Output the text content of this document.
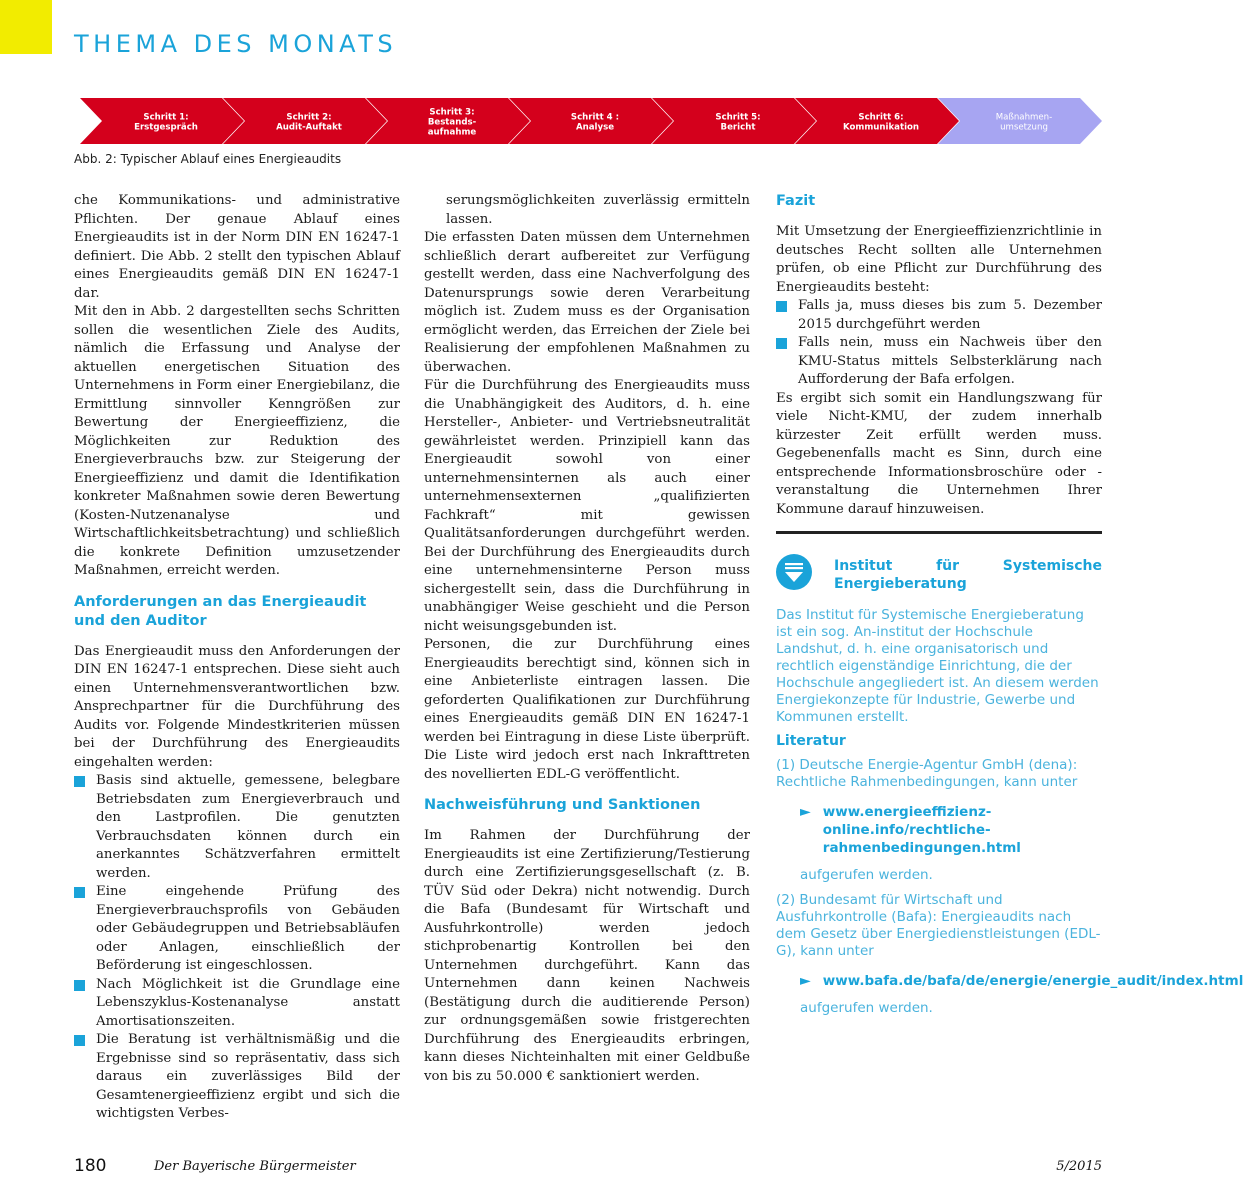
THEMA DES MONATS
Schritt 1:
Erstgespräch
Schritt 2:
Audit-Auftakt
Schritt 3:
Bestands-
aufnahme
Schritt 4 :
Analyse
Schritt 5:
Bericht
Schritt 6:
Kommunikation
Maßnahmen-
umsetzung
Abb. 2: Typischer Ablauf eines Energieaudits

che Kommunikations- und administrative Pflichten. Der genaue Ablauf eines Energieaudits ist in der Norm DIN EN 16247-1 definiert. Die Abb. 2 stellt den typischen Ablauf eines Energieaudits gemäß DIN EN 16247-1 dar.

Mit den in Abb. 2 dargestellten sechs Schritten sollen die wesentlichen Ziele des Audits, nämlich die Erfassung und Analyse der aktuellen energetischen Situation des Unternehmens in Form einer Energiebilanz, die Ermittlung sinnvoller Kenngrößen zur Bewertung der Energieeffizienz, die Möglichkeiten zur Reduktion des Energieverbrauchs bzw. zur Steigerung der Energieeffizienz und damit die Identifikation konkreter Maßnahmen sowie deren Bewertung (Kosten-Nutzenanalyse und Wirtschaftlichkeitsbetrachtung) und schließlich die konkrete Definition umzusetzender Maßnahmen, erreicht werden.

Anforderungen an das Energieaudit und den Auditor

Das Energieaudit muss den Anforderungen der DIN EN 16247-1 entsprechen. Diese sieht auch einen Unternehmensverantwortlichen bzw. Ansprechpartner für die Durchführung des Audits vor. Folgende Mindestkriterien müssen bei der Durchführung des Energieaudits eingehalten werden:

Basis sind aktuelle, gemessene, belegbare Betriebsdaten zum Energieverbrauch und den Lastprofilen. Die genutzten Verbrauchsdaten können durch ein anerkanntes Schätzverfahren ermittelt werden.
Eine eingehende Prüfung des Energieverbrauchsprofils von Gebäuden oder Gebäudegruppen und Betriebsabläufen oder Anlagen, einschließlich der Beförderung ist eingeschlossen.
Nach Möglichkeit ist die Grundlage eine Lebenszyklus-Kostenanalyse anstatt Amortisationszeiten.
Die Beratung ist verhältnismäßig und die Ergebnisse sind so repräsentativ, dass sich daraus ein zuverlässiges Bild der Gesamtenergieeffizienz ergibt und sich die wichtigsten Verbes-

serungsmöglichkeiten zuverlässig ermitteln lassen.

Die erfassten Daten müssen dem Unternehmen schließlich derart aufbereitet zur Verfügung gestellt werden, dass eine Nachverfolgung des Datenursprungs sowie deren Verarbeitung möglich ist. Zudem muss es der Organisation ermöglicht werden, das Erreichen der Ziele bei Realisierung der empfohlenen Maßnahmen zu überwachen.

Für die Durchführung des Energieaudits muss die Unabhängigkeit des Auditors, d. h. eine Hersteller-, Anbieter- und Vertriebsneutralität gewährleistet werden. Prinzipiell kann das Energieaudit sowohl von einer unternehmensinternen als auch einer unternehmensexternen „qualifizierten Fachkraft“ mit gewissen Qualitätsanforderungen durchgeführt werden. Bei der Durchführung des Energieaudits durch eine unternehmensinterne Person muss sichergestellt sein, dass die Durchführung in unabhängiger Weise geschieht und die Person nicht weisungsgebunden ist.

Personen, die zur Durchführung eines Energieaudits berechtigt sind, können sich in eine Anbieterliste eintragen lassen. Die geforderten Qualifikationen zur Durchführung eines Energieaudits gemäß DIN EN 16247-1 werden bei Eintragung in diese Liste überprüft. Die Liste wird jedoch erst nach Inkrafttreten des novellierten EDL-G veröffentlicht.

Nachweisführung und Sanktionen

Im Rahmen der Durchführung der Energieaudits ist eine Zertifizierung/Testierung durch eine Zertifizierungsgesellschaft (z. B. TÜV Süd oder Dekra) nicht notwendig. Durch die Bafa (Bundesamt für Wirtschaft und Ausfuhrkontrolle) werden jedoch stichprobenartig Kontrollen bei den Unternehmen durchgeführt. Kann das Unternehmen dann keinen Nachweis (Bestätigung durch die auditierende Person) zur ordnungsgemäßen sowie fristgerechten Durchführung des Energieaudits erbringen, kann dieses Nichteinhalten mit einer Geldbuße von bis zu 50.000 € sanktioniert werden.

Fazit

Mit Umsetzung der Energieeffizienzrichtlinie in deutsches Recht sollten alle Unternehmen prüfen, ob eine Pflicht zur Durchführung des Energieaudits besteht:

Falls ja, muss dieses bis zum 5. Dezember 2015 durchgeführt werden
Falls nein, muss ein Nachweis über den KMU-Status mittels Selbsterklärung nach Aufforderung der Bafa erfolgen.

Es ergibt sich somit ein Handlungszwang für viele Nicht-KMU, der zudem innerhalb kürzester Zeit erfüllt werden muss. Gegebenenfalls macht es Sinn, durch eine entsprechende Informationsbroschüre oder -veranstaltung die Unternehmen Ihrer Kommune darauf hinzuweisen.

Institut für Systemische Energieberatung
Das Institut für Systemische Energieberatung ist ein sog. An-institut der Hochschule Landshut, d. h. eine organisatorisch und rechtlich eigenständige Einrichtung, die der Hochschule angegliedert ist. An diesem werden Energiekonzepte für Industrie, Gewerbe und Kommunen erstellt.
Literatur
(1) Deutsche Energie-Agentur GmbH (dena): Rechtliche Rahmenbedingungen, kann unter
► www.energieeffizienz-online.info/rechtliche-rahmenbedingungen.html
aufgerufen werden.
(2) Bundesamt für Wirtschaft und Ausfuhrkontrolle (Bafa): Energieaudits nach dem Gesetz über Energiedienstleistungen (EDL-G), kann unter
► www.bafa.de/bafa/de/energie/energie_audit/index.html
aufgerufen werden.
180	Der Bayerische Bürgermeister	5/2015
